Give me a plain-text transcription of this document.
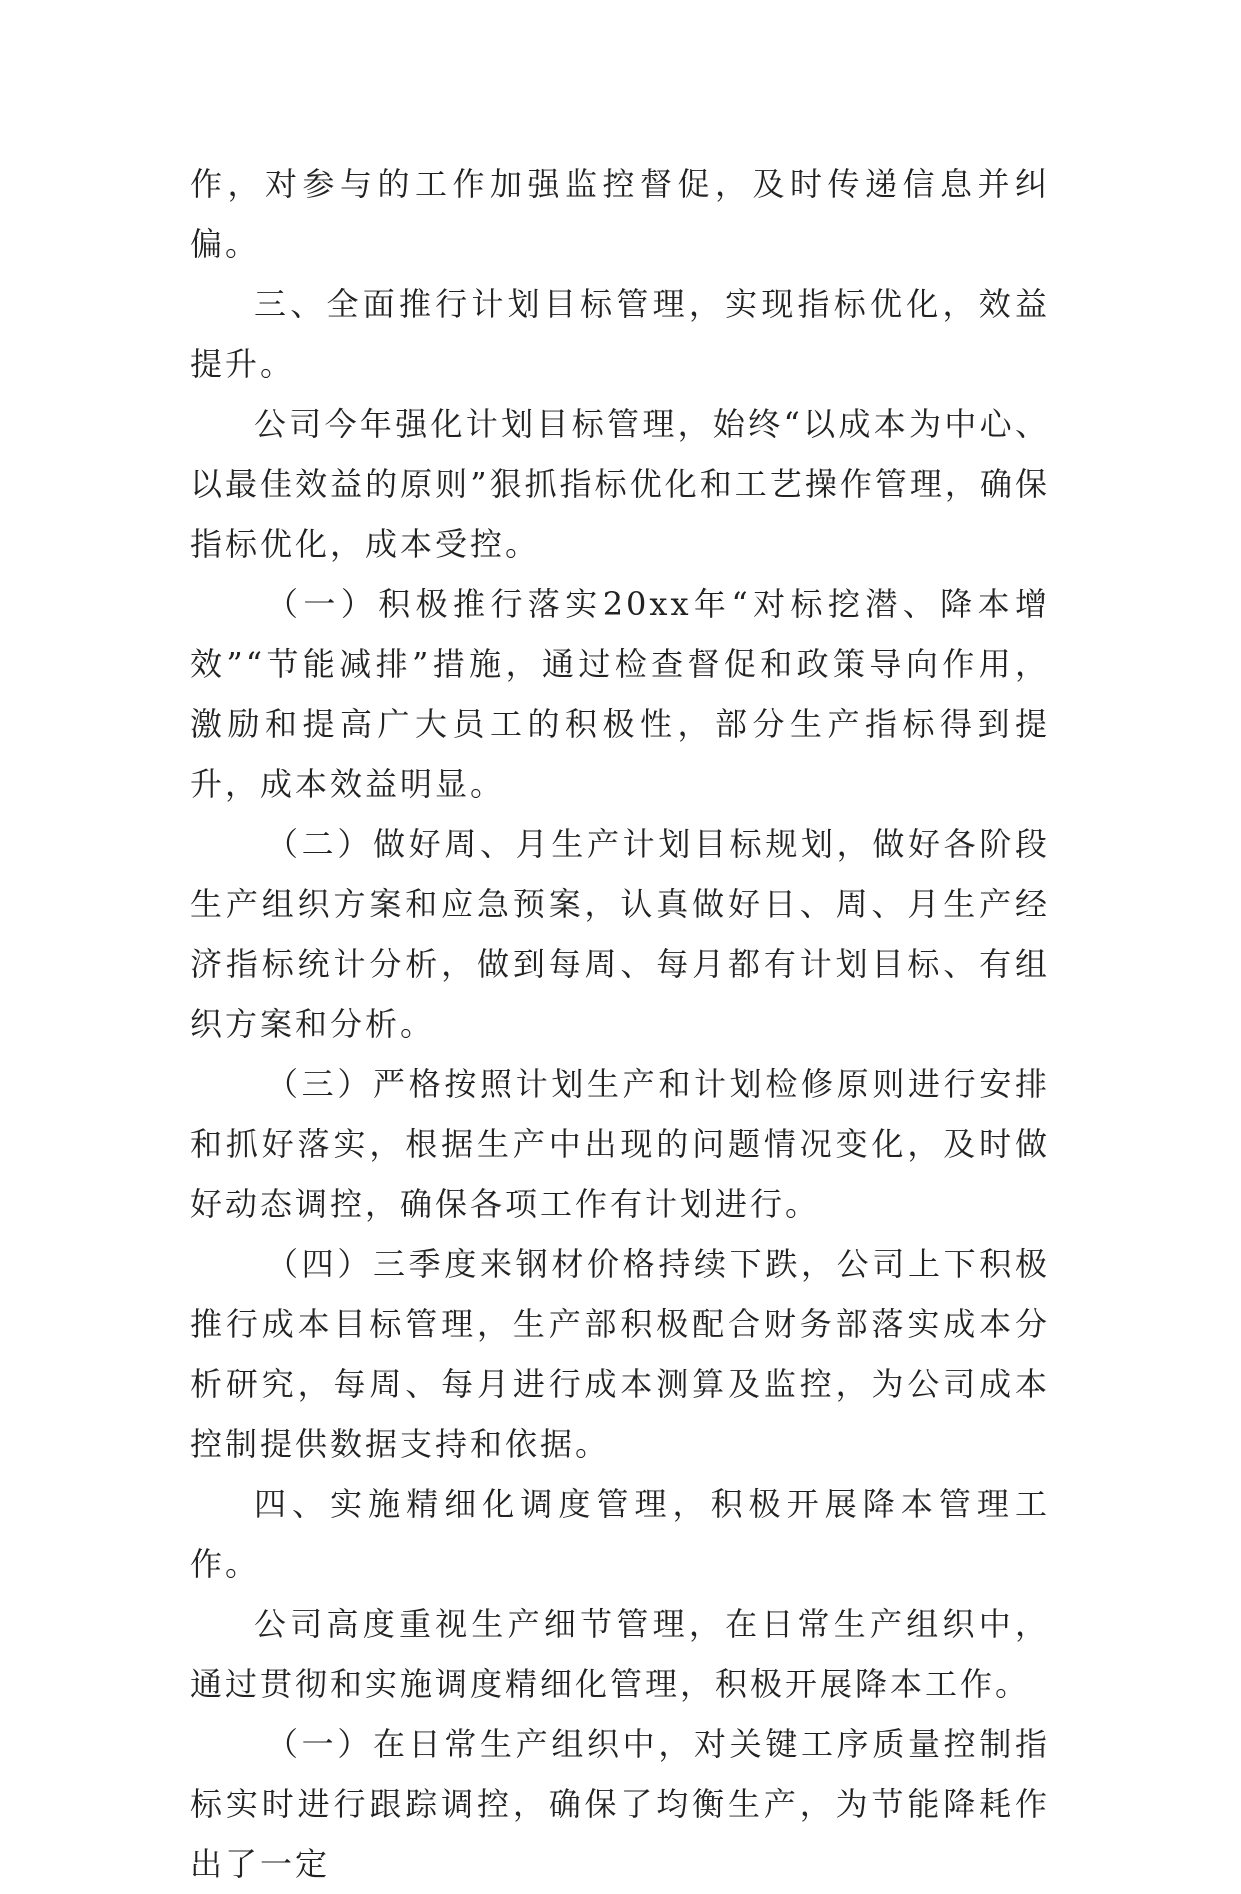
作，对参与的工作加强监控督促，及时传递信息并纠偏。

三、全面推行计划目标管理，实现指标优化，效益提升。

公司今年强化计划目标管理，始终“以成本为中心、以最佳效益的原则”狠抓指标优化和工艺操作管理，确保指标优化，成本受控。

（一）积极推行落实20xx年“对标挖潜、降本增效”“节能减排”措施，通过检查督促和政策导向作用，激励和提高广大员工的积极性，部分生产指标得到提升，成本效益明显。

（二）做好周、月生产计划目标规划，做好各阶段生产组织方案和应急预案，认真做好日、周、月生产经济指标统计分析，做到每周、每月都有计划目标、有组织方案和分析。

（三）严格按照计划生产和计划检修原则进行安排和抓好落实，根据生产中出现的问题情况变化，及时做好动态调控，确保各项工作有计划进行。

（四）三季度来钢材价格持续下跌，公司上下积极推行成本目标管理，生产部积极配合财务部落实成本分析研究，每周、每月进行成本测算及监控，为公司成本控制提供数据支持和依据。

四、实施精细化调度管理，积极开展降本管理工作。

公司高度重视生产细节管理，在日常生产组织中，通过贯彻和实施调度精细化管理，积极开展降本工作。

（一）在日常生产组织中，对关键工序质量控制指标实时进行跟踪调控，确保了均衡生产，为节能降耗作出了一定
